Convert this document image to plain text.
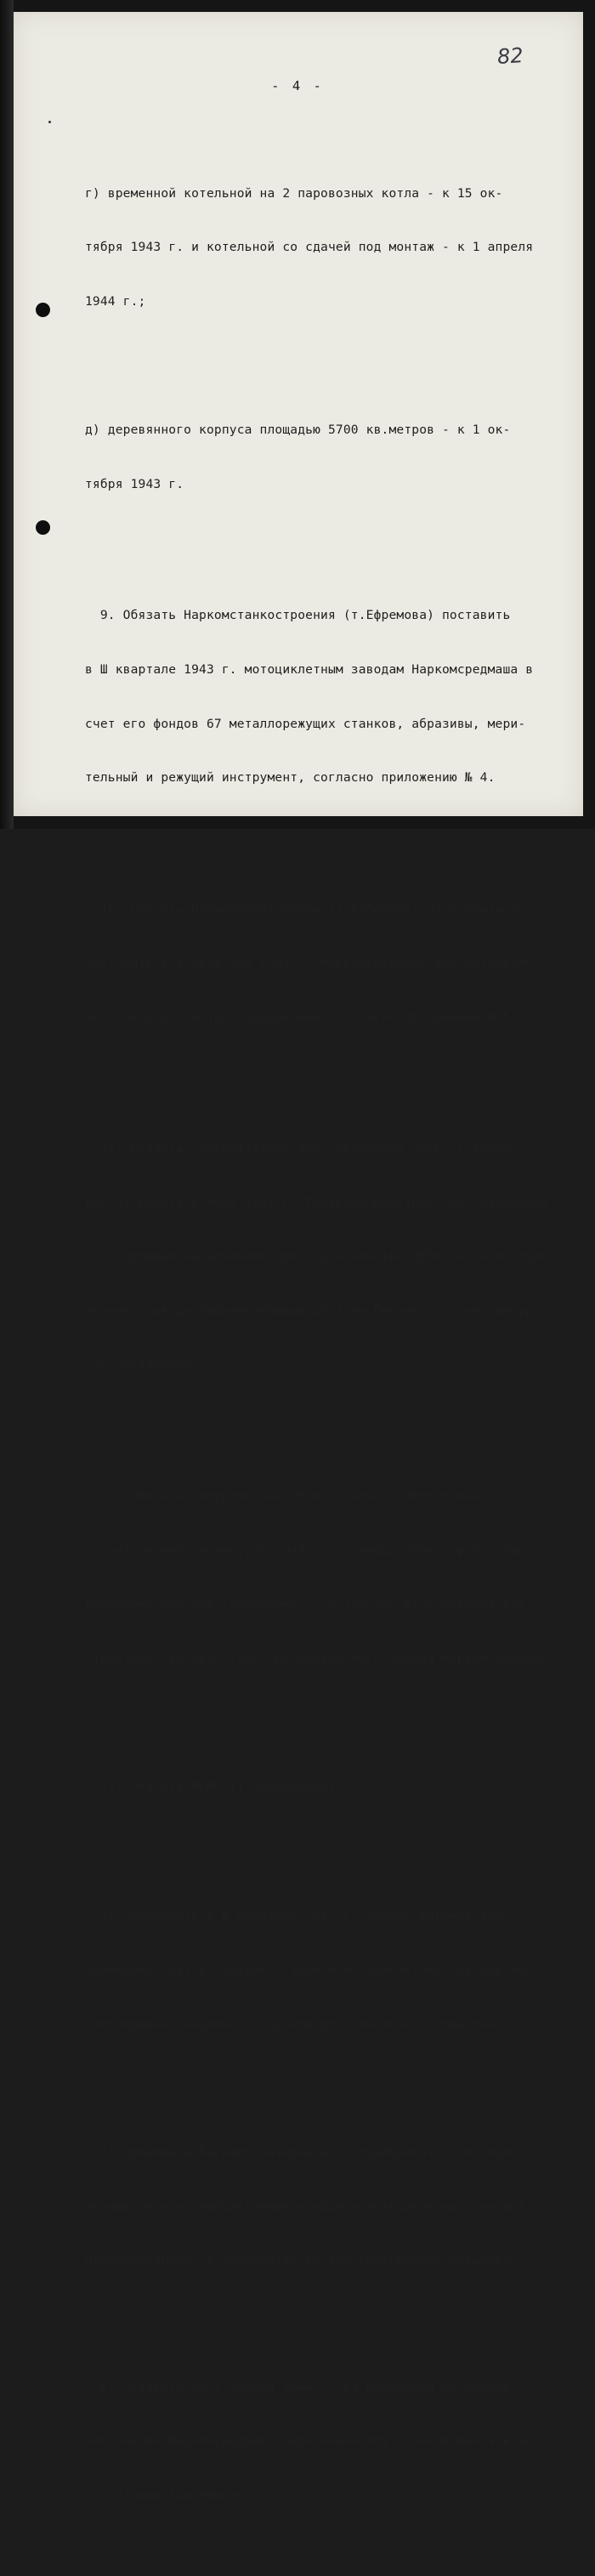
82
- 4 -

г) временной котельной на 2 паровозных котла - к 15 ок-

тября 1943 г. и котельной со сдачей под монтаж - к 1 апреля

1944 г.;

д) деревянного корпуса площадью 5700 кв.метров - к 1 ок-

тября 1943 г.

9. Обязать Наркомстанкостроения (т.Ефремова) поставить

в Ш квартале 1943 г. мотоциклетным заводам Наркомсредмаша в

счет его фондов 67 металлорежущих станков, абразивы, мери-

тельный и режущий инструмент, согласно приложению № 4.

10. Обязать Наркомэлектропром (т.Кабанова) изготовить и

поставить в Ш квартале 1943 г. Наркомсредмашу для мотоциклет-

ных заводов электрооборудование, согласно приложению № 5.

11. Обязать Главнефтеснаб при Совнаркоме СССР (т.Широко-

ва) отгрузить в июле 1943 г. Главвоенпромстрою при Совнаркоме

СССР целевым назначением для строительства Ирбитского мотоцик-

летного завода Наркомсредмаша 20 тонн бензина за счет ресур-

сов поставщика.

12. Обязать Свердловский облисполком (т.Недосекина) от-

грузить в июле и августе 1943 г. с завода "Новострой" Глав-

военпромстрою при Совнаркоме СССР 150 тыс.штук кирпича для

строительства Ирбитского мотоциклетного завода Наркомсредмаша.

13. Обязать НКПС (т.Кагановича):

а) обеспечить в Ш квартале 1943 г. подачу вагонов для

перевозки грузов, идущих в адреса мотоциклетных заводов Нар-

комсредмаша, наравне с грузами для танковой промышленности;

б) принимать багажом материалы, полуфабрикаты и мотоцик-

летные детали, направляемые в адреса мотоциклетных заводов

Наркомсредмаша, в количестве до 250 килограммов ежедневно;

в) оставить до 1 апреля 1944 г. на Ирбитском мотоциклет-

ном заводе Наркомсредмаша выделенные ему и находящиеся в эк-

сплоатации три паровоза.
